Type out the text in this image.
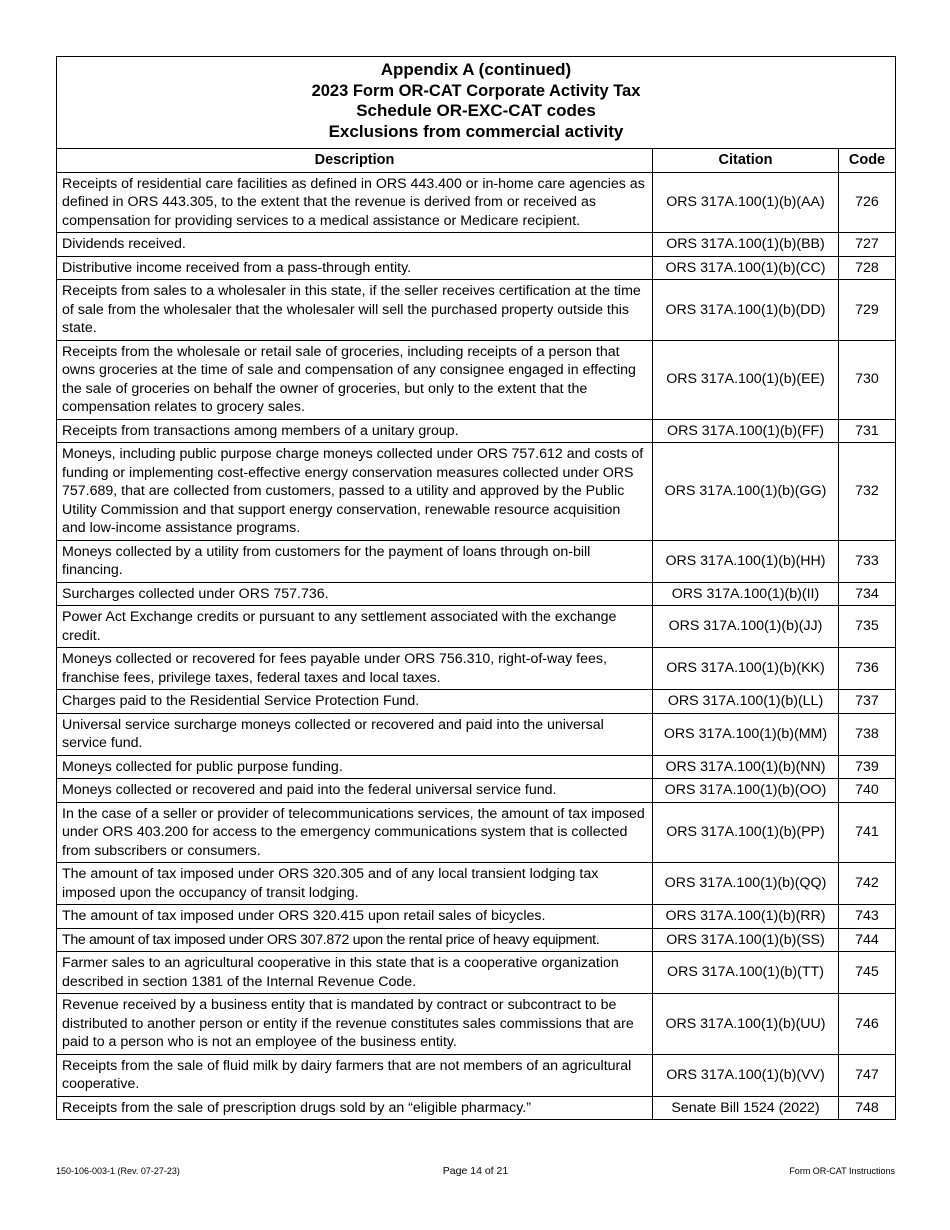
Appendix A (continued)
2023 Form OR-CAT Corporate Activity Tax
Schedule OR-EXC-CAT codes
Exclusions from commercial activity		

Description	Citation	Code
Receipts of residential care facilities as defined in ORS 443.400 or in-home care agencies as defined in ORS 443.305, to the extent that the revenue is derived from or received as compensation for providing services to a medical assistance or Medicare recipient.	ORS 317A.100(1)(b)(AA)	726
Dividends received.	ORS 317A.100(1)(b)(BB)	727
Distributive income received from a pass-through entity.	ORS 317A.100(1)(b)(CC)	728
Receipts from sales to a wholesaler in this state, if the seller receives certification at the time of sale from the wholesaler that the wholesaler will sell the purchased property outside this state.	ORS 317A.100(1)(b)(DD)	729
Receipts from the wholesale or retail sale of groceries, including receipts of a person that owns groceries at the time of sale and compensation of any consignee engaged in effecting the sale of groceries on behalf the owner of groceries, but only to the extent that the compensation relates to grocery sales.	ORS 317A.100(1)(b)(EE)	730
Receipts from transactions among members of a unitary group.	ORS 317A.100(1)(b)(FF)	731
Moneys, including public purpose charge moneys collected under ORS 757.612 and costs of funding or implementing cost-effective energy conservation measures collected under ORS 757.689, that are collected from customers, passed to a utility and approved by the Public Utility Commission and that support energy conservation, renewable resource acquisition and low-income assistance programs.	ORS 317A.100(1)(b)(GG)	732
Moneys collected by a utility from customers for the payment of loans through on-bill financing.	ORS 317A.100(1)(b)(HH)	733
Surcharges collected under ORS 757.736.	ORS 317A.100(1)(b)(II)	734
Power Act Exchange credits or pursuant to any settlement associated with the exchange credit.	ORS 317A.100(1)(b)(JJ)	735
Moneys collected or recovered for fees payable under ORS 756.310, right-of-way fees, franchise fees, privilege taxes, federal taxes and local taxes.	ORS 317A.100(1)(b)(KK)	736
Charges paid to the Residential Service Protection Fund.	ORS 317A.100(1)(b)(LL)	737
Universal service surcharge moneys collected or recovered and paid into the universal service fund.	ORS 317A.100(1)(b)(MM)	738
Moneys collected for public purpose funding.	ORS 317A.100(1)(b)(NN)	739
Moneys collected or recovered and paid into the federal universal service fund.	ORS 317A.100(1)(b)(OO)	740
In the case of a seller or provider of telecommunications services, the amount of tax imposed under ORS 403.200 for access to the emergency communications system that is collected from subscribers or consumers.	ORS 317A.100(1)(b)(PP)	741
The amount of tax imposed under ORS 320.305 and of any local transient lodging tax imposed upon the occupancy of transit lodging.	ORS 317A.100(1)(b)(QQ)	742
The amount of tax imposed under ORS 320.415 upon retail sales of bicycles.	ORS 317A.100(1)(b)(RR)	743
The amount of tax imposed under ORS 307.872 upon the rental price of heavy equipment.	ORS 317A.100(1)(b)(SS)	744
Farmer sales to an agricultural cooperative in this state that is a cooperative organization described in section 1381 of the Internal Revenue Code.	ORS 317A.100(1)(b)(TT)	745
Revenue received by a business entity that is mandated by contract or subcontract to be distributed to another person or entity if the revenue constitutes sales commissions that are paid to a person who is not an employee of the business entity.	ORS 317A.100(1)(b)(UU)	746
Receipts from the sale of fluid milk by dairy farmers that are not members of an agricultural cooperative.	ORS 317A.100(1)(b)(VV)	747
Receipts from the sale of prescription drugs sold by an “eligible pharmacy.”	Senate Bill 1524 (2022)	748
150-106-003-1 (Rev. 07-27-23)	Page 14 of 21	Form OR-CAT Instructions
